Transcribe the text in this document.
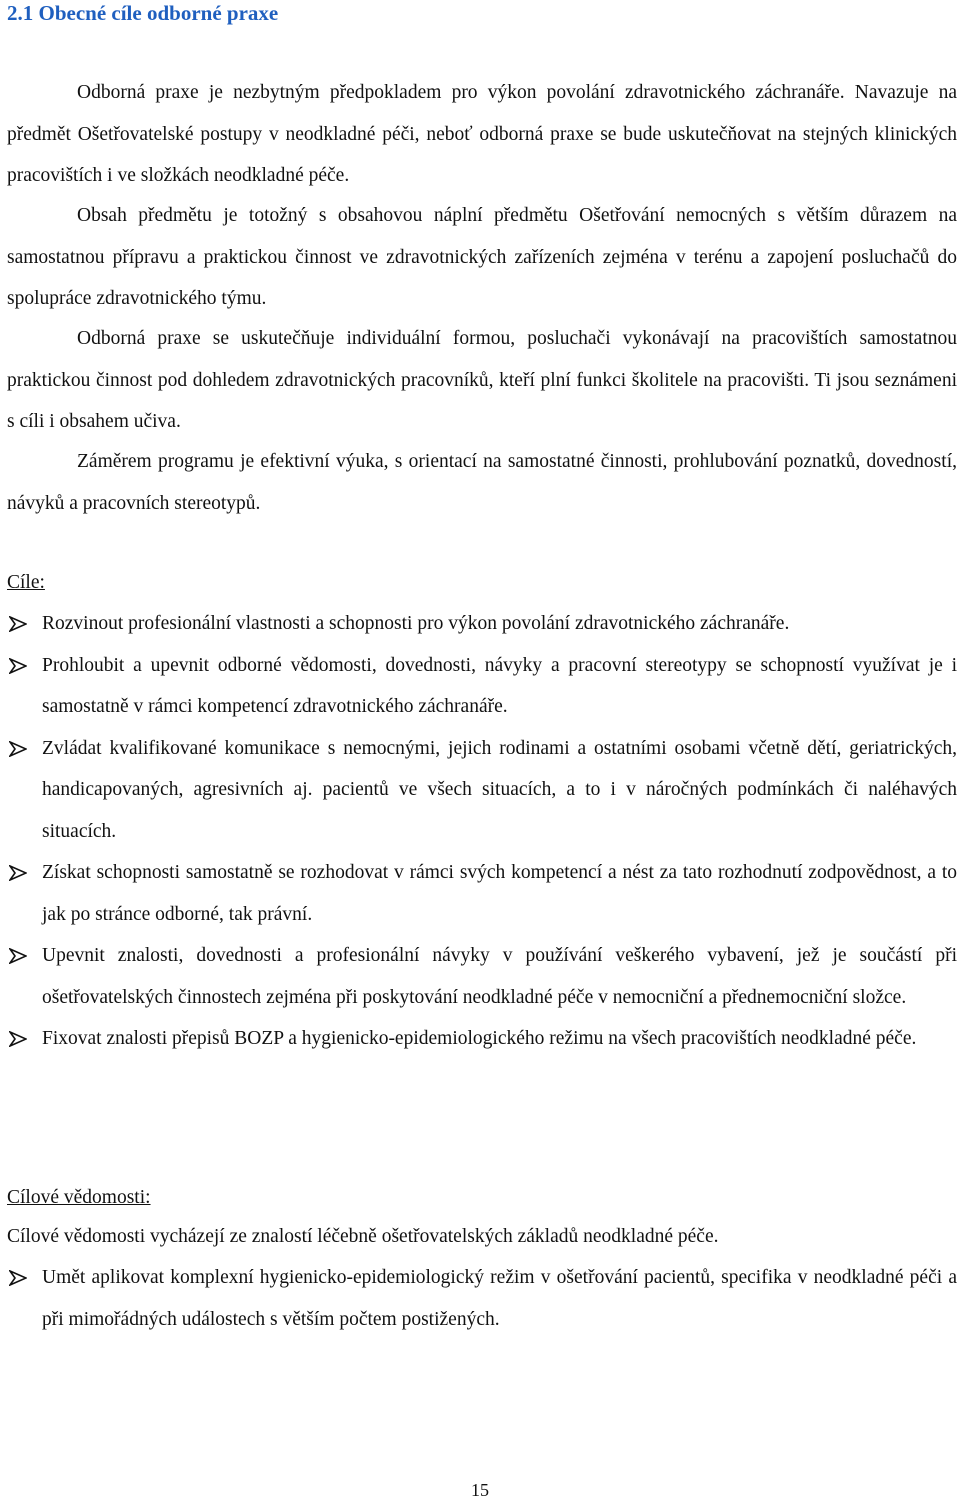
2.1 Obecné cíle odborné praxe

Odborná praxe je nezbytným předpokladem pro výkon povolání zdravotnického záchranáře. Navazuje na předmět Ošetřovatelské postupy v neodkladné péči, neboť odborná praxe se bude uskutečňovat na stejných klinických pracovištích i ve složkách neodkladné péče.

Obsah předmětu je totožný s obsahovou náplní předmětu Ošetřování nemocných s větším důrazem na samostatnou přípravu a praktickou činnost ve zdravotnických zařízeních zejména v terénu a zapojení posluchačů do spolupráce zdravotnického týmu.

Odborná praxe se uskutečňuje individuální formou, posluchači vykonávají na pracovištích samostatnou praktickou činnost pod dohledem zdravotnických pracovníků, kteří plní funkci školitele na pracovišti. Ti jsou seznámeni s cíli i obsahem učiva.

Záměrem programu je efektivní výuka, s orientací na samostatné činnosti, prohlubování poznatků, dovedností, návyků a pracovních stereotypů.

Cíle:

Rozvinout profesionální vlastnosti a schopnosti pro výkon povolání zdravotnického záchranáře.
Prohloubit a upevnit odborné vědomosti, dovednosti, návyky a pracovní stereotypy se schopností využívat je i samostatně v rámci kompetencí zdravotnického záchranáře.
Zvládat kvalifikované komunikace s nemocnými, jejich rodinami a ostatními osobami včetně dětí, geriatrických, handicapovaných, agresivních aj. pacientů ve všech situacích, a to i v náročných podmínkách či naléhavých situacích.
Získat schopnosti samostatně se rozhodovat v rámci svých kompetencí a nést za tato rozhodnutí zodpovědnost, a to jak po stránce odborné, tak právní.
Upevnit znalosti, dovednosti a profesionální návyky v používání veškerého vybavení, jež je součástí při ošetřovatelských činnostech zejména při poskytování neodkladné péče v nemocniční a přednemocniční složce.
Fixovat znalosti přepisů BOZP a hygienicko-epidemiologického režimu na všech pracovištích neodkladné péče.

Cílové vědomosti:

Cílové vědomosti vycházejí ze znalostí léčebně ošetřovatelských základů neodkladné péče.

Umět aplikovat komplexní hygienicko-epidemiologický režim v ošetřování pacientů, specifika v neodkladné péči a při mimořádných událostech s větším počtem postižených.
15
